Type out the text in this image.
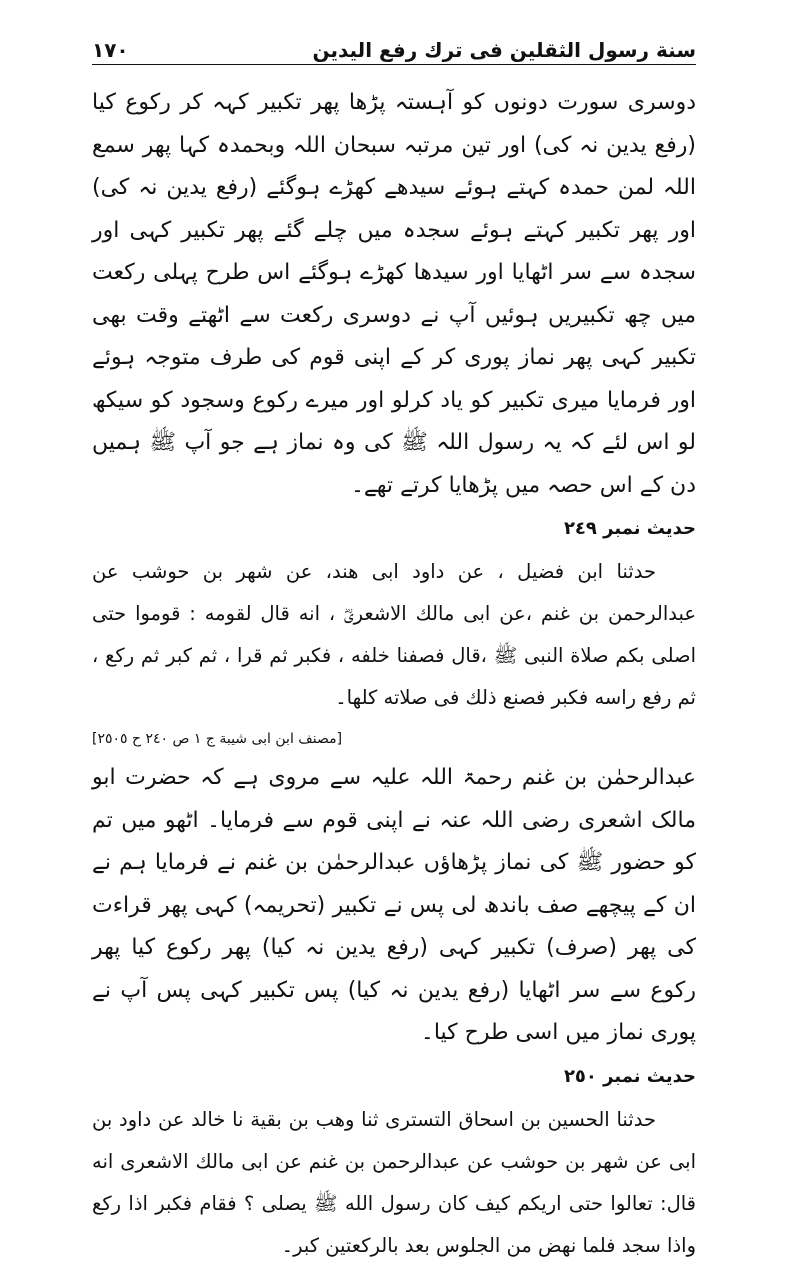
سنة رسول الثقلين فی ترك رفع الیدین
١٧٠

دوسری سورت دونوں کو آہستہ پڑھا پھر تکبیر کہہ کر رکوع کیا (رفع یدین نہ کی) اور تین مرتبہ سبحان اللہ وبحمدہ کہا پھر سمع اللہ لمن حمدہ کہتے ہوئے سیدھے کھڑے ہوگئے (رفع یدین نہ کی) اور پھر تکبیر کہتے ہوئے سجدہ میں چلے گئے پھر تکبیر کہی اور سجدہ سے سر اٹھایا اور سیدھا کھڑے ہوگئے اس طرح پہلی رکعت میں چھ تکبیریں ہوئیں آپ نے دوسری رکعت سے اٹھتے وقت بھی تکبیر کہی پھر نماز پوری کر کے اپنی قوم کی طرف متوجہ ہوئے اور فرمایا میری تکبیر کو یاد کرلو اور میرے رکوع وسجود کو سیکھ لو اس لئے کہ یہ رسول اللہ ﷺ کی وہ نماز ہے جو آپ ﷺ ہمیں دن کے اس حصہ میں پڑھایا کرتے تھے۔

حدیث نمبر ٢٤٩

حدثنا ابن فضيل ، عن داود ابی هند، عن شهر بن حوشب عن عبدالرحمن بن غنم ،عن ابی مالك الاشعریؓ ، انه قال لقومه : قوموا حتی اصلی بكم صلاة النبی ﷺ ،قال فصفنا خلفه ، فكبر ثم قرا ، ثم كبر ثم ركع ، ثم رفع راسه فكبر فصنع ذلك فی صلاته كلها۔

[مصنف ابن ابی شیبة ج ١ ص ٢٤٠ ح ٢٥٠٥]

عبدالرحمٰن بن غنم رحمۃ اللہ علیہ سے مروی ہے کہ حضرت ابو مالک اشعری رضی اللہ عنہ نے اپنی قوم سے فرمایا۔ اٹھو میں تم کو حضور ﷺ کی نماز پڑھاؤں عبدالرحمٰن بن غنم نے فرمایا ہم نے ان کے پیچھے صف باندھ لی پس نے تکبیر (تحریمہ) کہی پھر قراءت کی پھر (صرف) تکبیر کہی (رفع یدین نہ کیا) پھر رکوع کیا پھر رکوع سے سر اٹھایا (رفع یدین نہ کیا) پس تکبیر کہی پس آپ نے پوری نماز میں اسی طرح کیا۔

حدیث نمبر ٢٥٠

حدثنا الحسين بن اسحاق التستری ثنا وهب بن بقية نا خالد عن داود بن ابی عن شهر بن حوشب عن عبدالرحمن بن غنم عن ابی مالك الاشعری انه قال: تعالوا حتی اريكم كيف كان رسول الله ﷺ يصلی ؟ فقام فكبر اذا ركع واذا سجد فلما نهض من الجلوس بعد بالركعتين كبر۔
